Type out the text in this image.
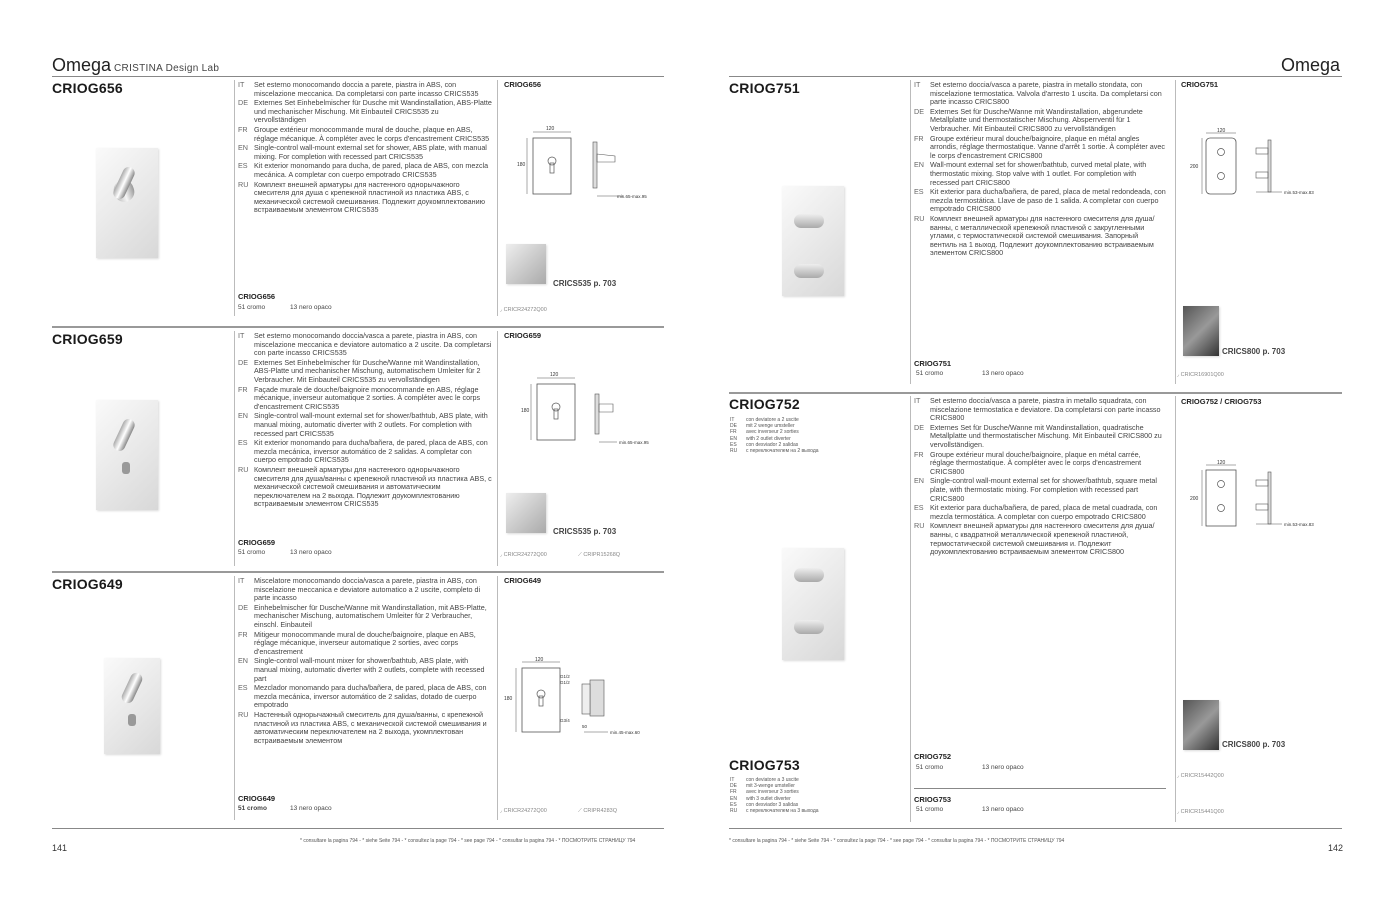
Omega CRISTINA Design Lab
CRIOG656	IT	Set esterno monocomando doccia a parete, piastra in ABS, con miscelazione meccanica. Da completarsi con parte incasso CRICS535
DE Externes Set Einhebelmischer für Dusche mit Wandinstallation, ABS-Platte und mechanischer Mischung. Mit Einbauteil CRICS535 zu vervollständigen
FR Groupe extérieur monocommande mural de douche, plaque en ABS, réglage mécanique. À compléter avec le corps d'encastrement CRICS535
EN Single-control wall-mount external set for shower, ABS plate, with manual mixing. For completion with recessed part CRICS535
ES Kit exterior monomando para ducha, de pared, placa de ABS, con mezcla mecánica. A completar con cuerpo empotrado CRICS535
RU Комплект внешней арматуры для настенного однорычажного смесителя для душа с крепежной пластиной из пластика ABS, с механической системой смешивания. Подлежит доукомплектованию встраиваемым элементом CRICS535
CRIOG656
51 cromo	13 nero opaco
CRIOG656
120
180
min.65-max.95
CRICS535 p. 703
◞ CRICR24272Q00
CRIOG659	IT	Set esterno monocomando doccia/vasca a parete, piastra in ABS, con miscelazione meccanica e deviatore automatico a 2 uscite. Da completarsi con parte incasso CRICS535
DE Externes Set Einhebelmischer für Dusche/Wanne mit Wandinstallation, ABS-Platte und mechanischer Mischung, automatischem Umleiter für 2 Verbraucher. Mit Einbauteil CRICS535 zu vervollständigen
FR Façade murale de douche/baignoire monocommande en ABS, réglage mécanique, inverseur automatique 2 sorties. À compléter avec le corps d'encastrement CRICS535
EN Single-control wall-mount external set for shower/bathtub, ABS plate, with manual mixing, automatic diverter with 2 outlets. For completion with recessed part CRICS535
ES Kit exterior monomando para ducha/bañera, de pared, placa de ABS, con mezcla mecánica, inversor automático de 2 salidas. A completar con cuerpo empotrado CRICS535
RU Комплект внешней арматуры для настенного однорычажного смесителя для душа/ванны с крепежной пластиной из пластика ABS, с механической системой смешивания и автоматическим переключателем на 2 выхода. Подлежит доукомплектованию встраиваемым элементом CRICS535
CRIOG659
51 cromo	13 nero opaco
CRIOG659
120
180
min.65-max.95
CRICS535 p. 703
◞ CRICR24272Q00	⟋ CRIPR15268Q
CRIOG649	IT	Miscelatore monocomando doccia/vasca a parete, piastra in ABS, con miscelazione meccanica e deviatore automatico a 2 uscite, completo di parte incasso
DE Einhebelmischer für Dusche/Wanne mit Wandinstallation, mit ABS-Platte, mechanischer Mischung, automatischem Umleiter für 2 Verbraucher, einschl. Einbauteil
FR Mitigeur monocommande mural de douche/baignoire, plaque en ABS, réglage mécanique, inverseur automatique 2 sorties, avec corps d'encastrement
EN Single-control wall-mount mixer for shower/bathtub, ABS plate, with manual mixing, automatic diverter with 2 outlets, complete with recessed part
ES Mezclador monomando para ducha/bañera, de pared, placa de ABS, con mezcla mecánica, inversor automático de 2 salidas, dotado de cuerpo empotrado
RU Настенный однорычажный смеситель для душа/ванны, с крепежной пластиной из пластика ABS, с механической системой смешивания и автоматическим переключателем на 2 выхода, укомплектован встраиваемым элементом
CRIOG649
51 cromo	13 nero opaco
CRIOG649
120
180
G1/2
G1/2
G3/4
50
min.45-max.60
◞ CRICR24272Q00	⟋ CRIPR4283Q
* consultare la pagina 794 - * siehe Seite 794 - * consultez la page 794 - * see page 794 - * consultar la pagina 794 - * ПОСМОТРИТЕ СТРАНИЦУ 794
141
Omega
CRIOG751	IT	Set esterno doccia/vasca a parete, piastra in metallo stondata, con miscelazione termostatica. Valvola d'arresto 1 uscita. Da completarsi con parte incasso CRICS800
DE Externes Set für Dusche/Wanne mit Wandinstallation, abgerundete Metallplatte und thermostatischer Mischung. Absperrventil für 1 Verbraucher. Mit Einbauteil CRICS800 zu vervollständigen
FR Groupe extérieur mural douche/baignoire, plaque en métal angles arrondis, réglage thermostatique. Vanne d'arrêt 1 sortie. À compléter avec le corps d'encastrement CRICS800
EN Wall-mount external set for shower/bathtub, curved metal plate, with thermostatic mixing. Stop valve with 1 outlet. For completion with recessed part CRICS800
ES Kit exterior para ducha/bañera, de pared, placa de metal redondeada, con mezcla termostática. Llave de paso de 1 salida. A completar con cuerpo empotrado CRICS800
RU Комплект внешней арматуры для настенного смесителя для душа/ванны, с металлической крепежной пластиной с закругленными углами, с термостатической системой смешивания. Запорный вентиль на 1 выход. Подлежит доукомплектованию встраиваемым элементом CRICS800
CRIOG751
51 cromo	13 nero opaco
CRIOG751
120
200
min.53-max.83
CRICS800 p. 703
◞ CRICR16901Q00
CRIOG752
IT	con deviatore a 2 uscite
DE	mit 2 wenge umsteller
FR	avec inverseur 2 sorties
EN	with 2 outlet diverter
ES	con desviador 2 salidas
RU	с переключателем на 2 выхода
IT	Set esterno doccia/vasca a parete, piastra in metallo squadrata, con miscelazione termostatica e deviatore. Da completarsi con parte incasso CRICS800
DE Externes Set für Dusche/Wanne mit Wandinstallation, quadratische Metallplatte und thermostatischer Mischung. Mit Einbauteil CRICS800 zu vervollständigen.
FR Groupe extérieur mural douche/baignoire, plaque en métal carrée, réglage thermostatique. À compléter avec le corps d'encastrement CRICS800
EN Single-control wall-mount external set for shower/bathtub, square metal plate, with thermostatic mixing. For completion with recessed part CRICS800
ES Kit exterior para ducha/bañera, de pared, placa de metal cuadrada, con mezcla termostática. A completar con cuerpo empotrado CRICS800
RU Комплект внешней арматуры для настенного смесителя для душа/ванны, с квадратной металлической крепежной пластиной, термостатической системой смешивания и. Подлежит доукомплектованию встраиваемым элементом CRICS800
CRIOG752
51 cromo	13 nero opaco
CRIOG753
51 cromo	13 nero opaco
CRIOG752 / CRIOG753
120
200
min.53-max.83
CRICS800 p. 703
◞ CRICR15442Q00
◞ CRICR15441Q00
CRIOG753
IT	con deviatore a 3 uscite
DE	mit 3-wenge umsteller
FR	avec inverseur 3 sorties
EN	with 3 outlet diverter
ES	con desviador 3 salidas
RU	с переключателем на 3 выхода
* consultare la pagina 794 - * siehe Seite 794 - * consultez la page 794 - * see page 794 - * consultar la pagina 794 - * ПОСМОТРИТЕ СТРАНИЦУ 794
142
